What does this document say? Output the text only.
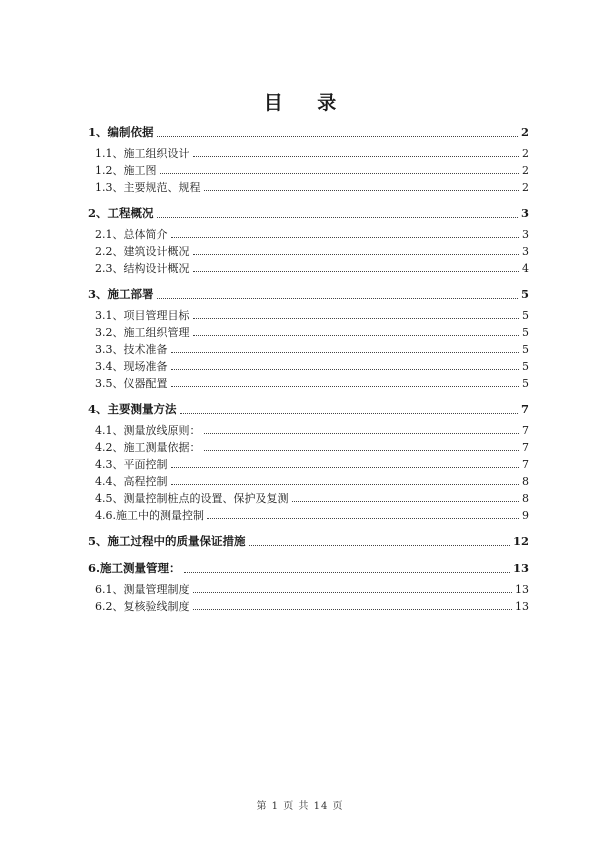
目 录
1、编制依据	2
1.1、施工组织设计	2
1.2、施工图	2
1.3、主要规范、规程	2
2、工程概况	3
2.1、总体简介	3
2.2、建筑设计概况	3
2.3、结构设计概况	4
3、施工部署	5
3.1、项目管理目标	5
3.2、施工组织管理	5
3.3、技术准备	5
3.4、现场准备	5
3.5、仪器配置	5
4、主要测量方法	7
4.1、测量放线原则：	7
4.2、施工测量依据：	7
4.3、平面控制	7
4.4、高程控制	8
4.5、测量控制桩点的设置、保护及复测	8
4.6.施工中的测量控制	9
5、施工过程中的质量保证措施	12
6.施工测量管理：	13
6.1、测量管理制度	13
6.2、复核验线制度	13
第 1 页 共 14 页
